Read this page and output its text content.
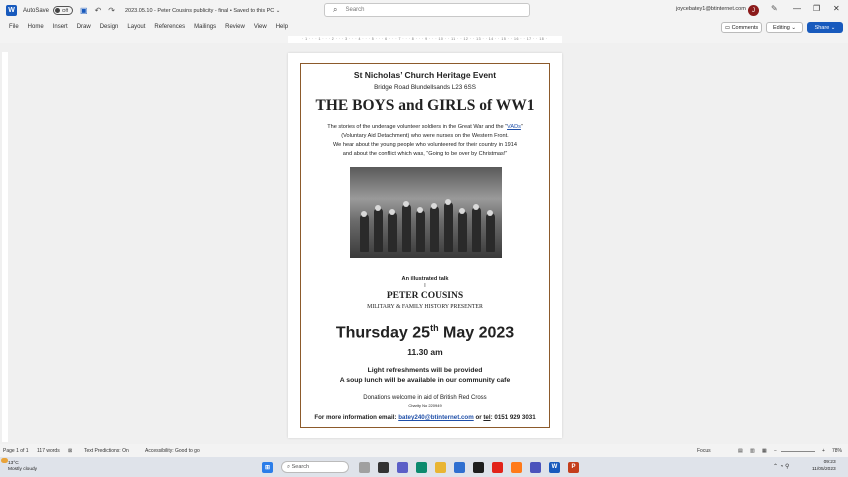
W	AutoSave	Off ▣ ↶ ↷ 2023.05.10 - Peter Cousins publicity - final • Saved to this PC ⌄	⌕ Search	joycebatey1@btinternet.com	J	✎ — ❐ ✕
File Home Insert Draw Design Layout References Mailings Review View Help	▭ Comments	Editing ⌄	Share ⌄
· 1 · · · 1 · · · 2 · · · 3 · · · 4 · · · 5 · · · 6 · · · 7 · · · 8 · · · 9 · · · 10 · · 11 · · 12 · · 13 · · 14 · · 15 · · 16 · · 17 · · 18 ·
St Nicholas’ Church Heritage Event
Bridge Road Blundellsands L23 6SS
THE BOYS and GIRLS of WW1
The stories of the underage volunteer soldiers in the Great War and the “VADs”
(Voluntary Aid Detachment) who were nurses on the Western Front.
We hear about the young people who volunteered for their country in 1914
and about the conflict which was, “Going to be over by Christmas!”
An illustrated talk
I
PETER COUSINS
MILITARY & FAMILY HISTORY PRESENTER
Thursday 25th May 2023
11.30 am
Light refreshments will be provided
A soup lunch will be available in our community cafe
Donations welcome in aid of British Red Cross
Charity No 220949
For more information email: batey240@btinternet.com or tel: 0151 929 3031
Page 1 of 1 117 words ⊠ Text Predictions: On	Accessibility: Good to go	Focus	▤ ▥ ▦ −	+ 78%
13°C
Mostly cloudy	⊞	⌕ Search	W	P	⌃ ◔ ⚲
09:23
11/05/2023
